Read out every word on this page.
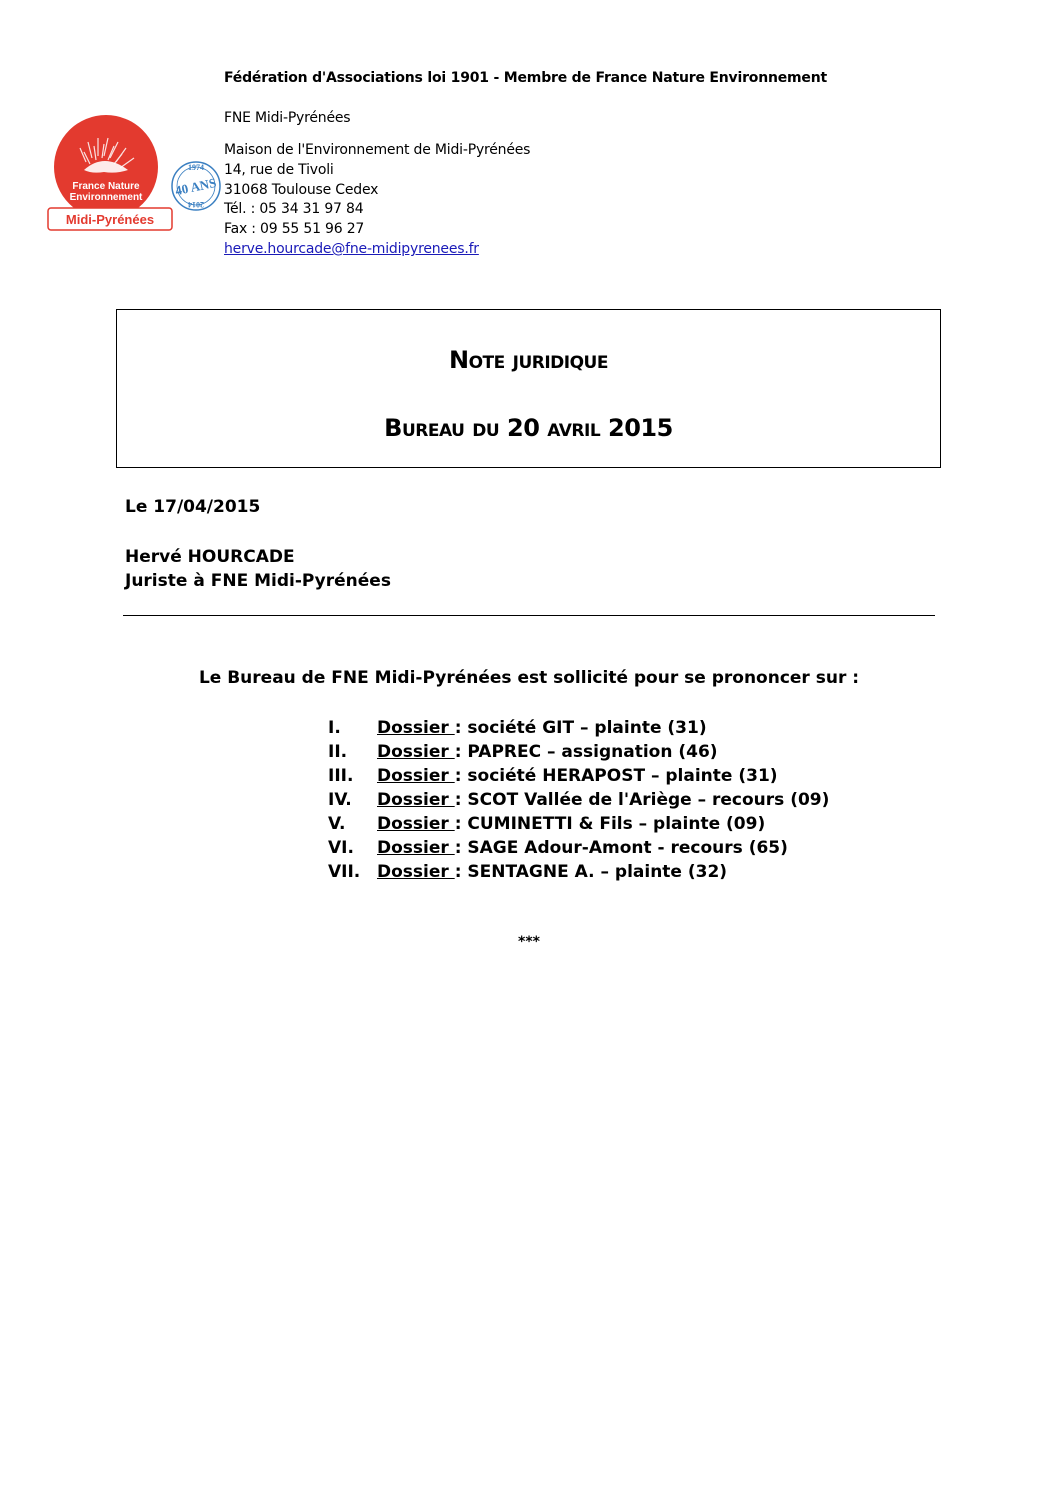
France Nature
Environnement
Midi-Pyrénées
1974
40 ANS
2014
Fédération d'Associations loi 1901 - Membre de France Nature Environnement
FNE Midi-Pyrénées
Maison de l'Environnement de Midi-Pyrénées
14, rue de Tivoli
31068 Toulouse Cedex
Tél. : 05 34 31 97 84
Fax : 09 55 51 96 27
herve.hourcade@fne-midipyrenees.fr
Note juridique
Bureau du 20 avril 2015
Le 17/04/2015
Hervé HOURCADE
Juriste à FNE Midi-Pyrénées
Le Bureau de FNE Midi-Pyrénées est sollicité pour se prononcer sur :
I. Dossier : société GIT – plainte (31)
II. Dossier : PAPREC – assignation (46)
III. Dossier : société HERAPOST – plainte (31)
IV. Dossier : SCOT Vallée de l'Ariège – recours (09)
V. Dossier : CUMINETTI & Fils – plainte (09)
VI. Dossier : SAGE Adour-Amont - recours (65)
VII. Dossier : SENTAGNE A. – plainte (32)
***
